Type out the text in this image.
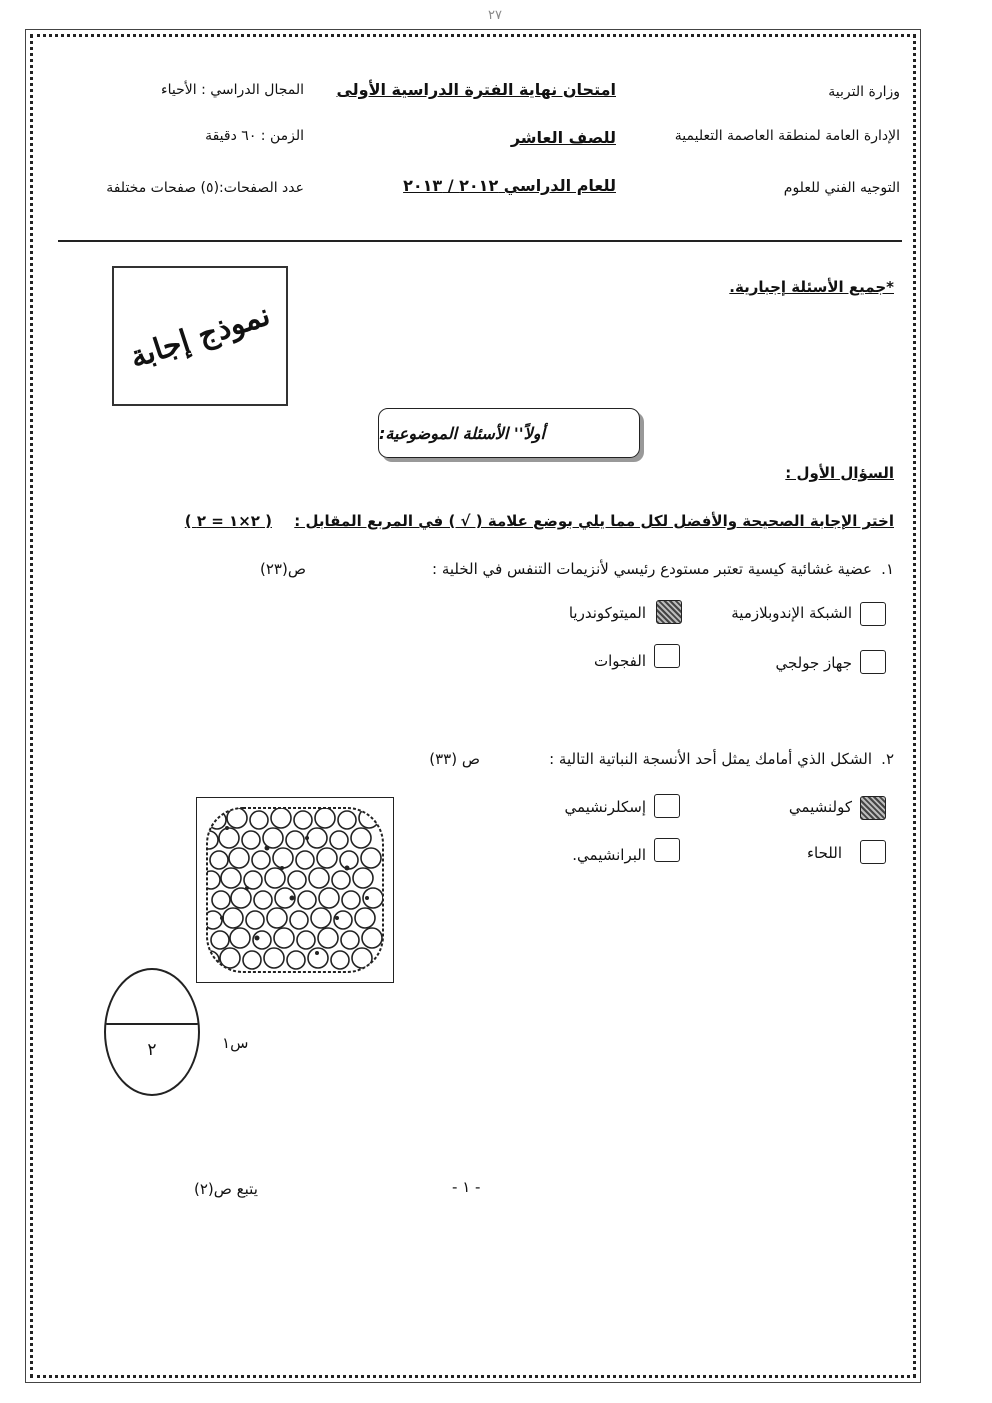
٢٧
وزارة التربية
الإدارة العامة لمنطقة العاصمة التعليمية
التوجيه الفني للعلوم
امتحان نهاية الفترة الدراسية الأولى
للصف العاشر
للعام الدراسي ٢٠١٢ / ٢٠١٣
المجال الدراسي : الأحياء
الزمن : ٦٠ دقيقة
عدد الصفحات:(٥) صفحات مختلفة
نموذج إجابة
*جميع الأسئلة إجبارية.
أولاً'' الأسئلة الموضوعية:
السؤال الأول :
اختر الإجابة الصحيحة والأفضل لكل مما يلي بوضع علامة ( √ ) في المربع المقابل :
( ٢×١ = ٢ )
١.
عضية غشائية كيسية تعتبر مستودع رئيسي لأنزيمات التنفس في الخلية :
ص(٢٣)
الشبكة الإندوبلازمية
الميتوكوندريا
جهاز جولجي
الفجوات
٢.
الشكل الذي أمامك يمثل أحد الأنسجة النباتية التالية :
ص (٣٣)
كولنشيمي
إسكلرنشيمي
اللحاء
البرانشيمي.
٢	س١
- ١ -
يتبع ص(٢)
